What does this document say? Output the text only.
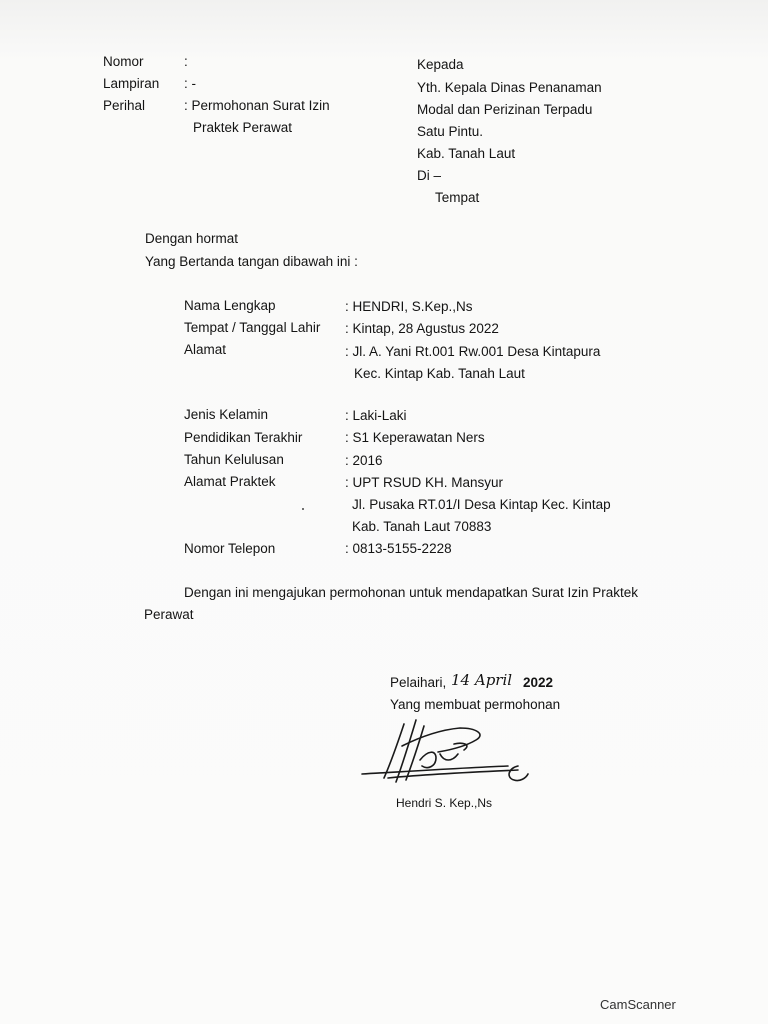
Nomor	:
Lampiran : -
Perihal	: Permohonan Surat Izin
Praktek Perawat
Kepada
Yth. Kepala Dinas Penanaman
Modal dan Perizinan Terpadu
Satu Pintu.
Kab. Tanah Laut
Di –
Tempat
Dengan hormat
Yang Bertanda tangan dibawah ini :
Nama Lengkap	: HENDRI, S.Kep.,Ns
Tempat / Tanggal Lahir : Kintap, 28 Agustus 2022
Alamat	: Jl. A. Yani Rt.001 Rw.001 Desa Kintapura
Kec. Kintap Kab. Tanah Laut
Jenis Kelamin	: Laki-Laki
Pendidikan Terakhir	: S1 Keperawatan Ners
Tahun Kelulusan	: 2016
Alamat Praktek	: UPT RSUD KH. Mansyur
Jl. Pusaka RT.01/I Desa Kintap Kec. Kintap
Kab. Tanah Laut 70883
Nomor Telepon	: 0813-5155-2228
Dengan ini mengajukan permohonan untuk mendapatkan Surat Izin Praktek
Perawat
Pelaihari, 14 April 2022
Yang membuat permohonan
Hendri S. Kep.,Ns
CamScanner
